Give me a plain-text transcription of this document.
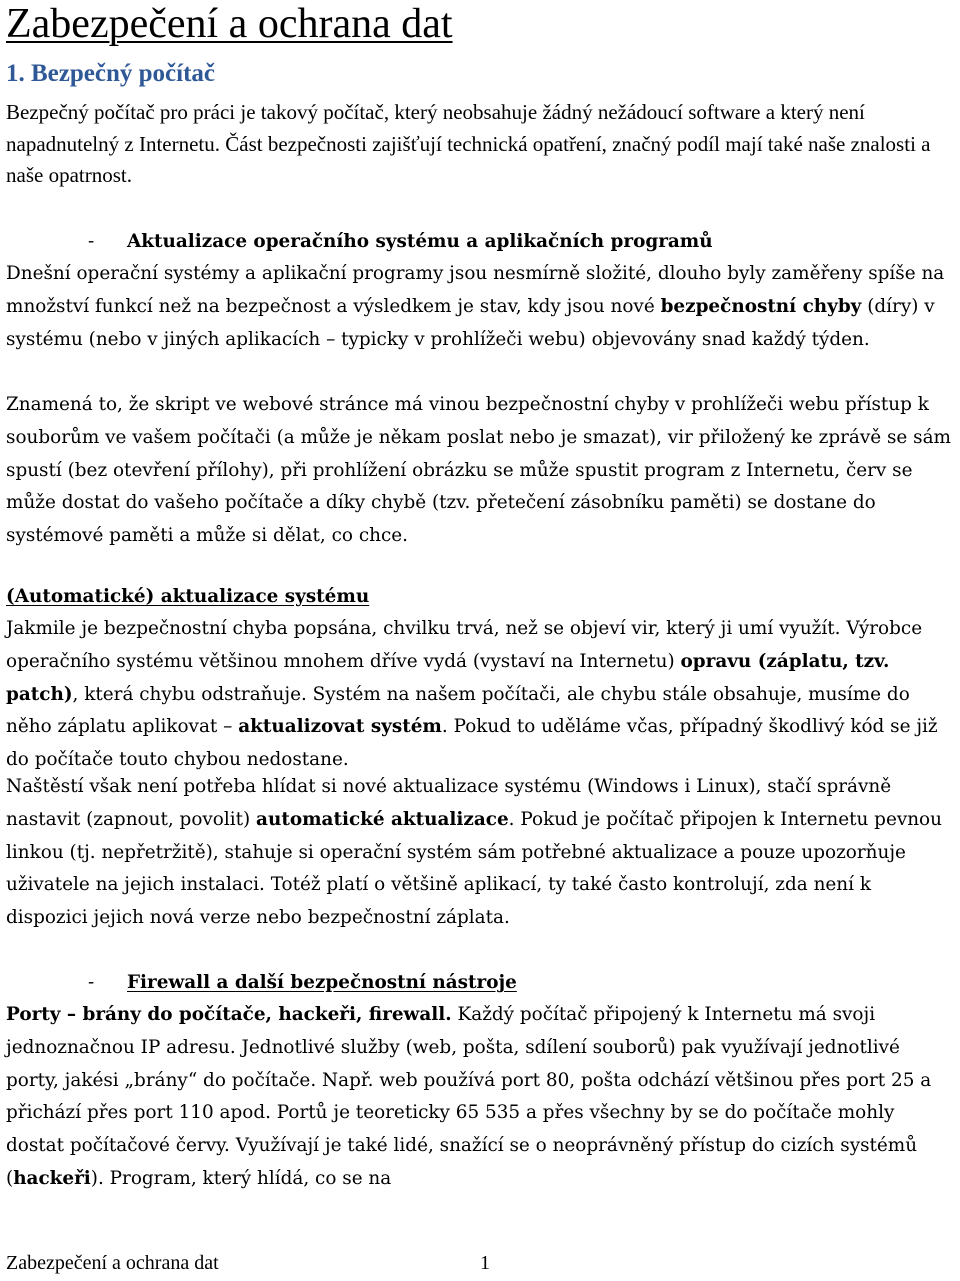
Zabezpečení a ochrana dat
1. Bezpečný počítač

Bezpečný počítač pro práci je takový počítač, který neobsahuje žádný nežádoucí software a který není napadnutelný z Internetu. Část bezpečnosti zajišťují technická opatření, značný podíl mají také naše znalosti a naše opatrnost.

- Aktualizace operačního systému a aplikačních programů

Dnešní operační systémy a aplikační programy jsou nesmírně složité, dlouho byly zaměřeny spíše na množství funkcí než na bezpečnost a výsledkem je stav, kdy jsou nové bezpečnostní chyby (díry) v systému (nebo v jiných aplikacích – typicky v prohlížeči webu) objevovány snad každý týden.

Znamená to, že skript ve webové stránce má vinou bezpečnostní chyby v prohlížeči webu přístup k souborům ve vašem počítači (a může je někam poslat nebo je smazat), vir přiložený ke zprávě se sám spustí (bez otevření přílohy), při prohlížení obrázku se může spustit program z Internetu, červ se může dostat do vašeho počítače a díky chybě (tzv. přetečení zásobníku paměti) se dostane do systémové paměti a může si dělat, co chce.

(Automatické) aktualizace systému

Jakmile je bezpečnostní chyba popsána, chvilku trvá, než se objeví vir, který ji umí využít. Výrobce operačního systému většinou mnohem dříve vydá (vystaví na Internetu) opravu (záplatu, tzv. patch), která chybu odstraňuje. Systém na našem počítači, ale chybu stále obsahuje, musíme do něho záplatu aplikovat – aktualizovat systém. Pokud to uděláme včas, případný škodlivý kód se již do počítače touto chybou nedostane.

Naštěstí však není potřeba hlídat si nové aktualizace systému (Windows i Linux), stačí správně nastavit (zapnout, povolit) automatické aktualizace. Pokud je počítač připojen k Internetu pevnou linkou (tj. nepřetržitě), stahuje si operační systém sám potřebné aktualizace a pouze upozorňuje uživatele na jejich instalaci. Totéž platí o většině aplikací, ty také často kontrolují, zda není k dispozici jejich nová verze nebo bezpečnostní záplata.

- Firewall a další bezpečnostní nástroje

Porty – brány do počítače, hackeři, firewall. Každý počítač připojený k Internetu má svoji jednoznačnou IP adresu. Jednotlivé služby (web, pošta, sdílení souborů) pak využívají jednotlivé porty, jakési „brány“ do počítače. Např. web používá port 80, pošta odchází většinou přes port 25 a přichází přes port 110 apod. Portů je teoreticky 65 535 a přes všechny by se do počítače mohly dostat počítačové červy. Využívají je také lidé, snažící se o neoprávněný přístup do cizích systémů (hackeři). Program, který hlídá, co se na

Zabezpečení a ochrana dat	1
